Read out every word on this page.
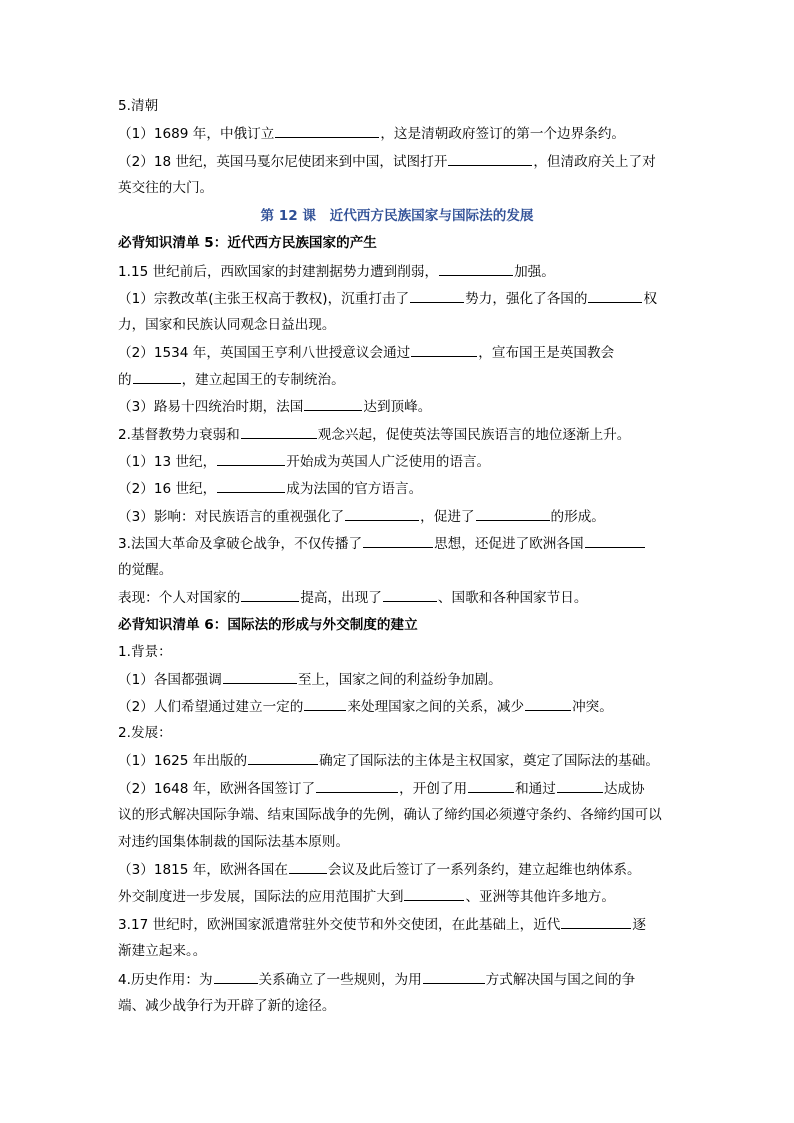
5.清朝
（1）1689 年，中俄订立	，这是清朝政府签订的第一个边界条约。
（2）18 世纪，英国马戛尔尼使团来到中国，试图打开	，但清政府关上了对
英交往的大门。
第 12 课　近代西方民族国家与国际法的发展
必背知识清单 5：近代西方民族国家的产生
1.15 世纪前后，西欧国家的封建割据势力遭到削弱，	加强。
（1）宗教改革(主张王权高于教权)，沉重打击了	势力，强化了各国的	权
力，国家和民族认同观念日益出现。
（2）1534 年，英国国王亨利八世授意议会通过	，宣布国王是英国教会
的	，建立起国王的专制统治。
（3）路易十四统治时期，法国	达到顶峰。
2.基督教势力衰弱和	观念兴起，促使英法等国民族语言的地位逐渐上升。
（1）13 世纪，	开始成为英国人广泛使用的语言。
（2）16 世纪，	成为法国的官方语言。
（3）影响：对民族语言的重视强化了	，促进了	的形成。
3.法国大革命及拿破仑战争，不仅传播了	思想，还促进了欧洲各国
的觉醒。
表现：个人对国家的	提高，出现了	、国歌和各种国家节日。
必背知识清单 6：国际法的形成与外交制度的建立
1.背景：
（1）各国都强调	至上，国家之间的利益纷争加剧。
（2）人们希望通过建立一定的	来处理国家之间的关系，减少	冲突。
2.发展：
（1）1625 年出版的	确定了国际法的主体是主权国家，奠定了国际法的基础。
（2）1648 年，欧洲各国签订了	，开创了用	和通过	达成协
议的形式解决国际争端、结束国际战争的先例，确认了缔约国必须遵守条约、各缔约国可以
对违约国集体制裁的国际法基本原则。
（3）1815 年，欧洲各国在	会议及此后签订了一系列条约，建立起维也纳体系。
外交制度进一步发展，国际法的应用范围扩大到	、亚洲等其他许多地方。
3.17 世纪时，欧洲国家派遣常驻外交使节和外交使团，在此基础上，近代	逐
渐建立起来。。
4.历史作用：为	关系确立了一些规则，为用	方式解决国与国之间的争
端、减少战争行为开辟了新的途径。
